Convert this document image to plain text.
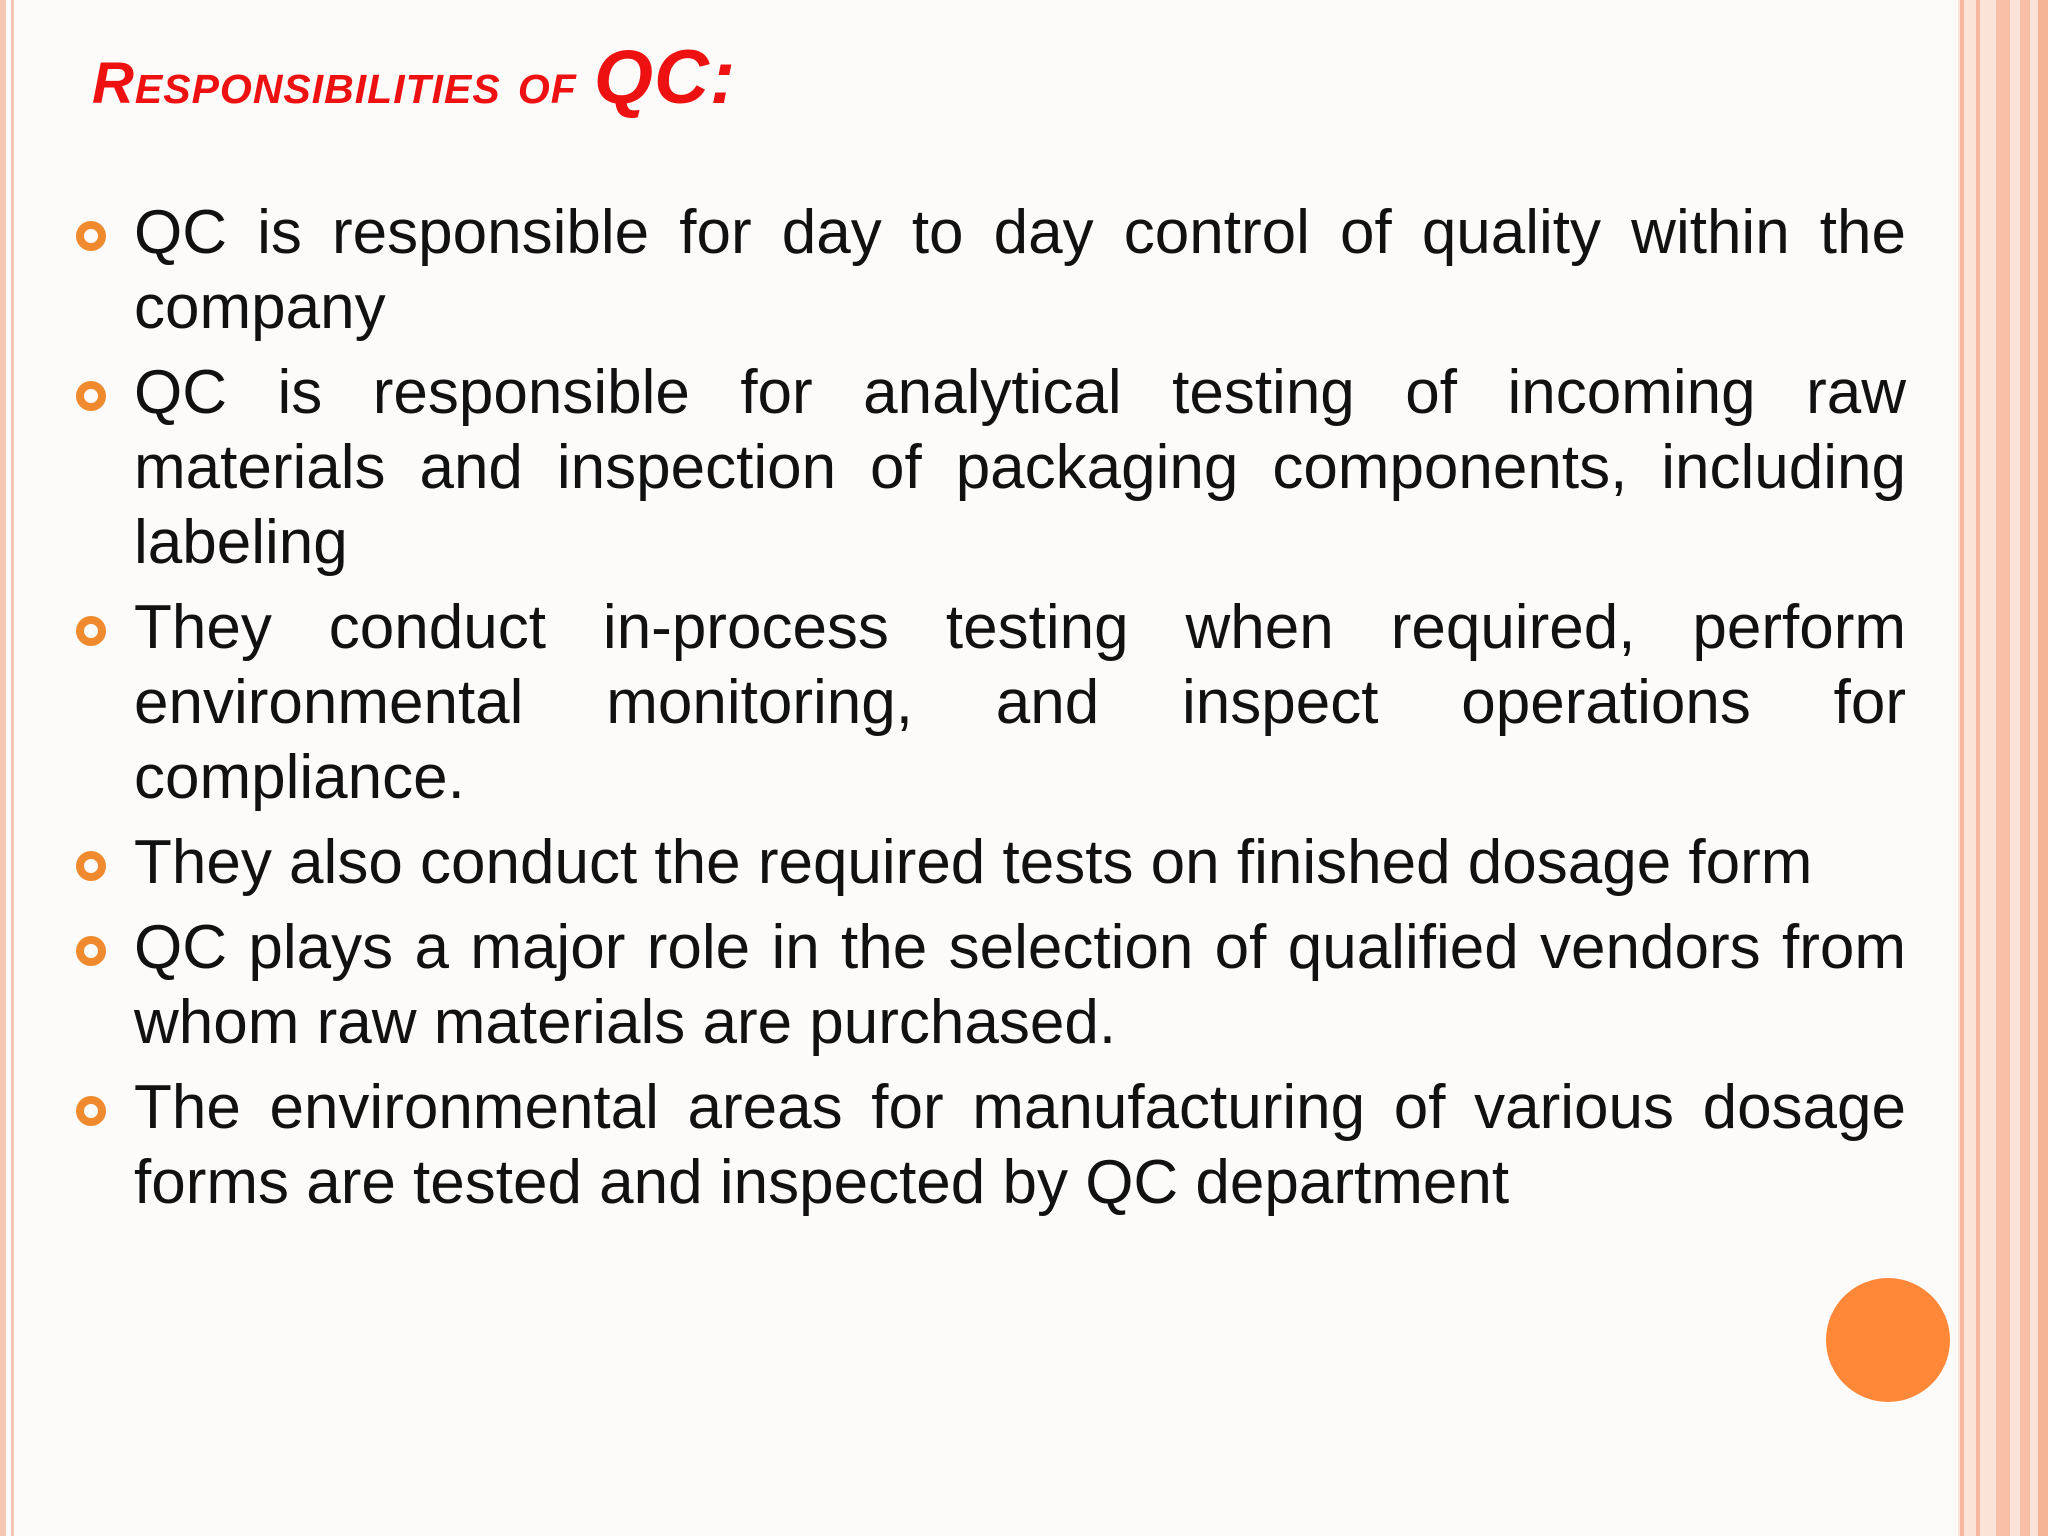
Responsibilities of QC:
QC is responsible for day to day control of quality within the company
QC is responsible for analytical testing of incoming raw materials and inspection of packaging components, including labeling
They conduct in-process testing when required, perform environmental monitoring, and inspect operations for compliance.
They also conduct the required tests on finished dosage form
QC plays a major role in the selection of qualified vendors from whom raw materials are purchased.
The environmental areas for manufacturing of various dosage forms are tested and inspected by QC department
